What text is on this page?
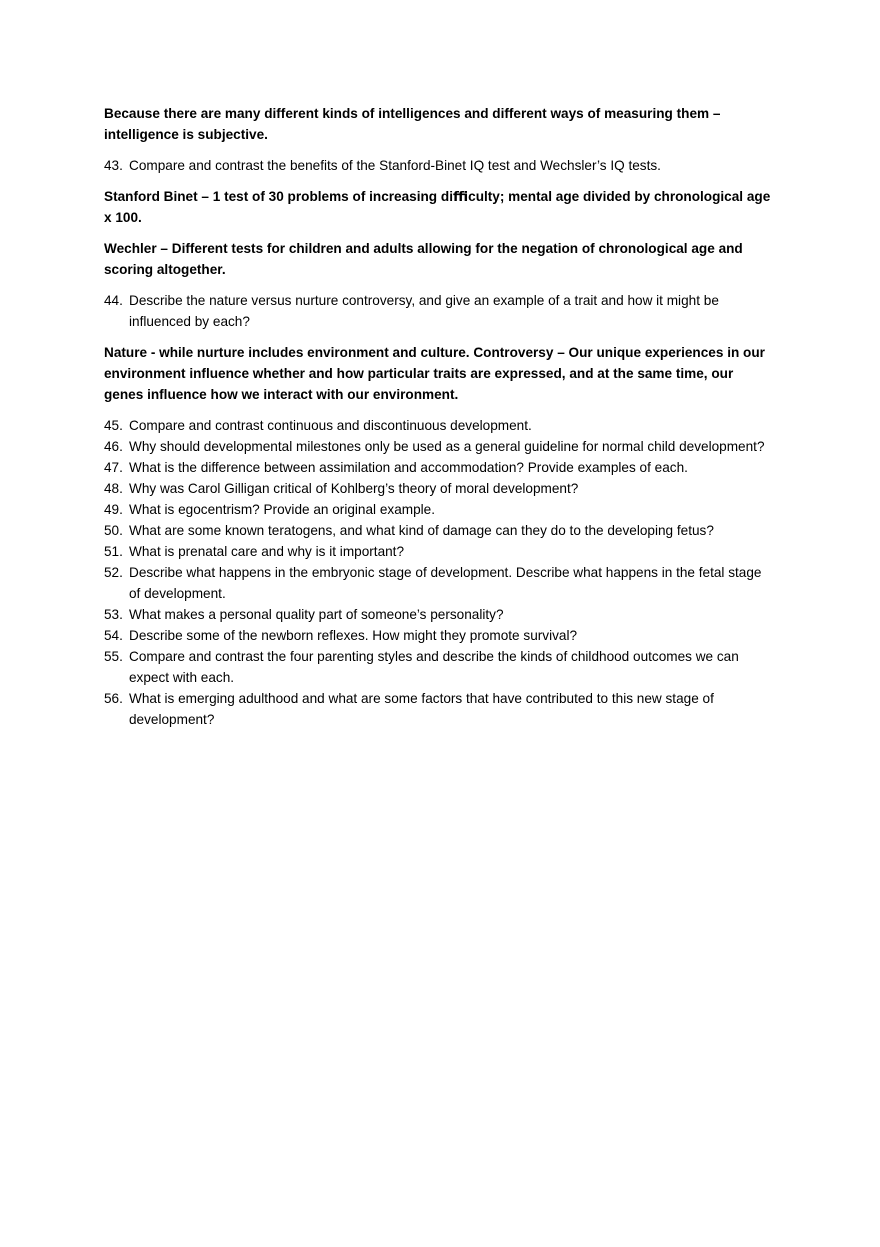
Because there are many different kinds of intelligences and different ways of measuring them – intelligence is subjective.

43. Compare and contrast the benefits of the Stanford-Binet IQ test and Wechsler’s IQ tests.

Stanford Binet – 1 test of 30 problems of increasing diﬃculty; mental age divided by chronological age x 100.

Wechler – Different tests for children and adults allowing for the negation of chronological age and scoring altogether.

44. Describe the nature versus nurture controversy, and give an example of a trait and how it might be influenced by each?

Nature - while nurture includes environment and culture. Controversy – Our unique experiences in our environment influence whether and how particular traits are expressed, and at the same time, our genes influence how we interact with our environment.

45. Compare and contrast continuous and discontinuous development.
46. Why should developmental milestones only be used as a general guideline for normal child development?
47. What is the difference between assimilation and accommodation? Provide examples of each.
48. Why was Carol Gilligan critical of Kohlberg’s theory of moral development?
49. What is egocentrism? Provide an original example.
50. What are some known teratogens, and what kind of damage can they do to the developing fetus?
51. What is prenatal care and why is it important?
52. Describe what happens in the embryonic stage of development. Describe what happens in the fetal stage of development.
53. What makes a personal quality part of someone’s personality?
54. Describe some of the newborn reflexes. How might they promote survival?
55. Compare and contrast the four parenting styles and describe the kinds of childhood outcomes we can expect with each.
56. What is emerging adulthood and what are some factors that have contributed to this new stage of development?
